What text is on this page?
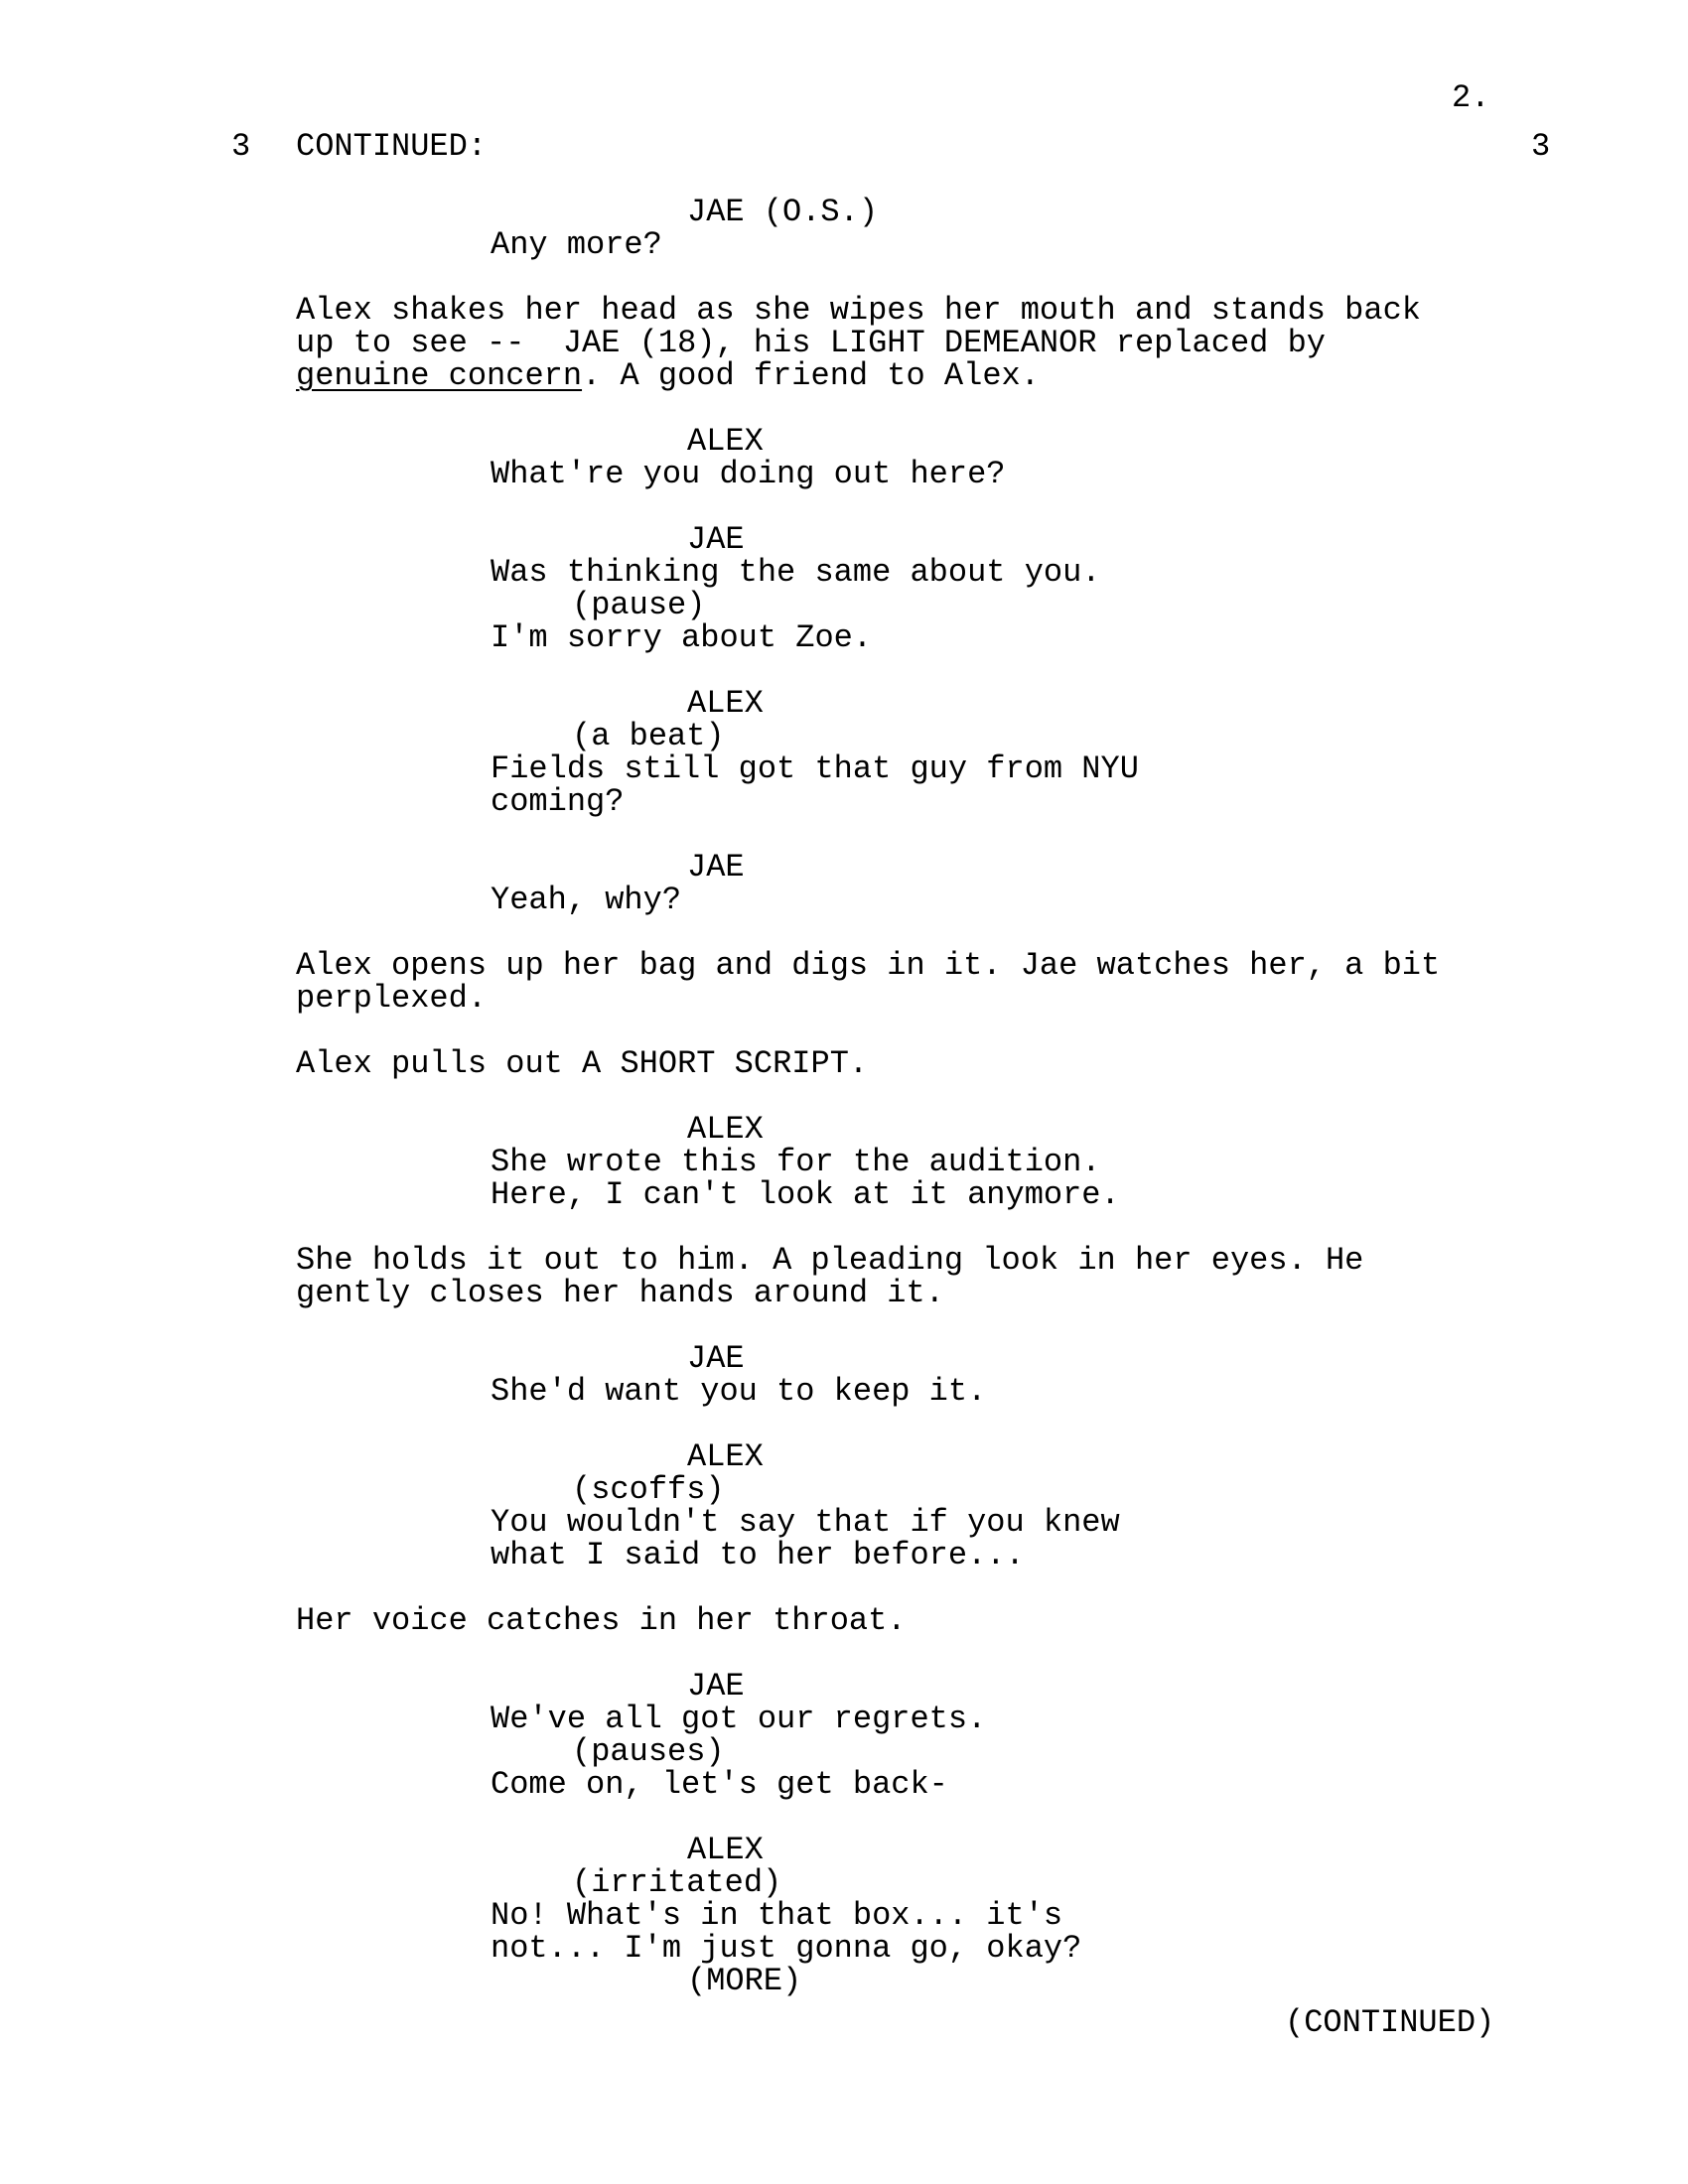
2.
3 CONTINUED:	3
JAE (O.S.)
Any more?
Alex shakes her head as she wipes her mouth and stands back
up to see --  JAE (18), his LIGHT DEMEANOR replaced by
genuine concern. A good friend to Alex.
ALEX
What're you doing out here?
JAE
Was thinking the same about you.
(pause)
I'm sorry about Zoe.
ALEX
(a beat)
Fields still got that guy from NYU
coming?
JAE
Yeah, why?
Alex opens up her bag and digs in it. Jae watches her, a bit
perplexed.
Alex pulls out A SHORT SCRIPT.
ALEX
She wrote this for the audition.
Here, I can't look at it anymore.
She holds it out to him. A pleading look in her eyes. He
gently closes her hands around it.
JAE
She'd want you to keep it.
ALEX
(scoffs)
You wouldn't say that if you knew
what I said to her before...
Her voice catches in her throat.
JAE
We've all got our regrets.
(pauses)
Come on, let's get back-
ALEX
(irritated)
No! What's in that box... it's
not... I'm just gonna go, okay?
(MORE)
(CONTINUED)
